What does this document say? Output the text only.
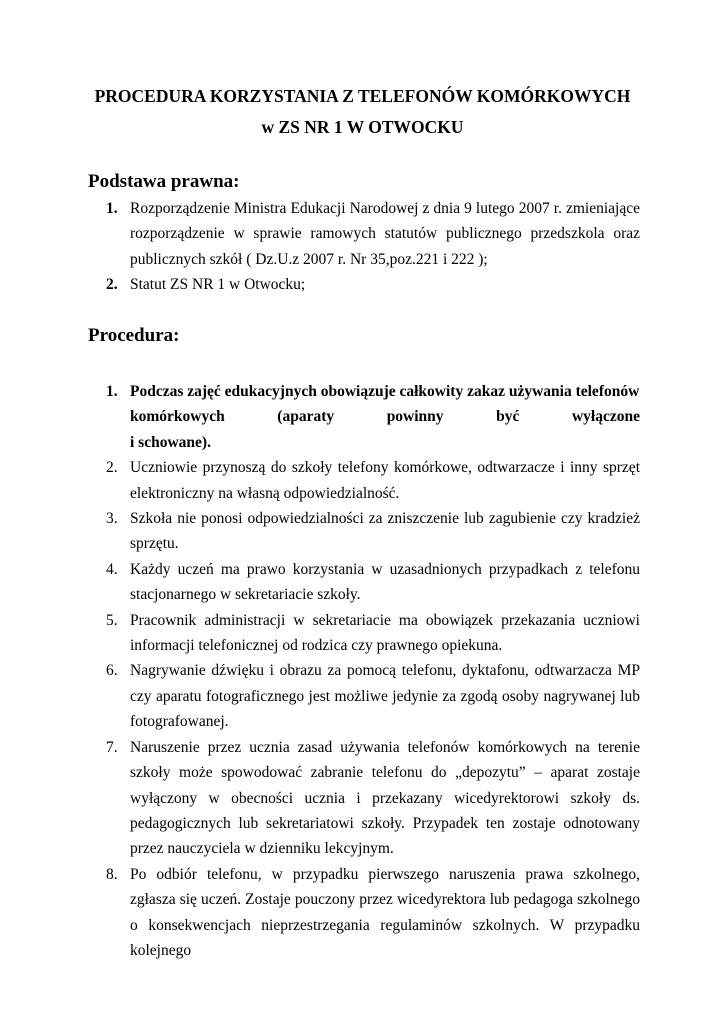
PROCEDURA KORZYSTANIA Z TELEFONÓW KOMÓRKOWYCH
w ZS NR 1 W OTWOCKU
Podstawa prawna:
1. Rozporządzenie Ministra Edukacji Narodowej z dnia 9 lutego 2007 r. zmieniające rozporządzenie w sprawie ramowych statutów publicznego przedszkola oraz publicznych szkół ( Dz.U.z 2007 r. Nr 35,poz.221 i 222 );
2. Statut ZS NR 1 w Otwocku;
Procedura:
1. Podczas zajęć edukacyjnych obowiązuje całkowity zakaz używania telefonów
komórkowych	(aparaty	powinny	być	wyłączone
i schowane).
2. Uczniowie przynoszą do szkoły telefony komórkowe, odtwarzacze i inny sprzęt elektroniczny na własną odpowiedzialność.
3. Szkoła nie ponosi odpowiedzialności za zniszczenie lub zagubienie czy kradzież sprzętu.
4. Każdy uczeń ma prawo korzystania w uzasadnionych przypadkach z telefonu stacjonarnego w sekretariacie szkoły.
5. Pracownik administracji w sekretariacie ma obowiązek przekazania uczniowi informacji telefonicznej od rodzica czy prawnego opiekuna.
6. Nagrywanie dźwięku i obrazu za pomocą telefonu, dyktafonu, odtwarzacza MP czy aparatu fotograficznego jest możliwe jedynie za zgodą osoby nagrywanej lub fotografowanej.
7. Naruszenie przez ucznia zasad używania telefonów komórkowych na terenie szkoły może spowodować zabranie telefonu do „depozytu” – aparat zostaje wyłączony w obecności ucznia i przekazany wicedyrektorowi szkoły ds. pedagogicznych lub sekretariatowi szkoły. Przypadek ten zostaje odnotowany przez nauczyciela w dzienniku lekcyjnym.
8. Po odbiór telefonu, w przypadku pierwszego naruszenia prawa szkolnego, zgłasza się uczeń. Zostaje pouczony przez wicedyrektora lub pedagoga szkolnego o konsekwencjach nieprzestrzegania regulaminów szkolnych. W przypadku kolejnego
